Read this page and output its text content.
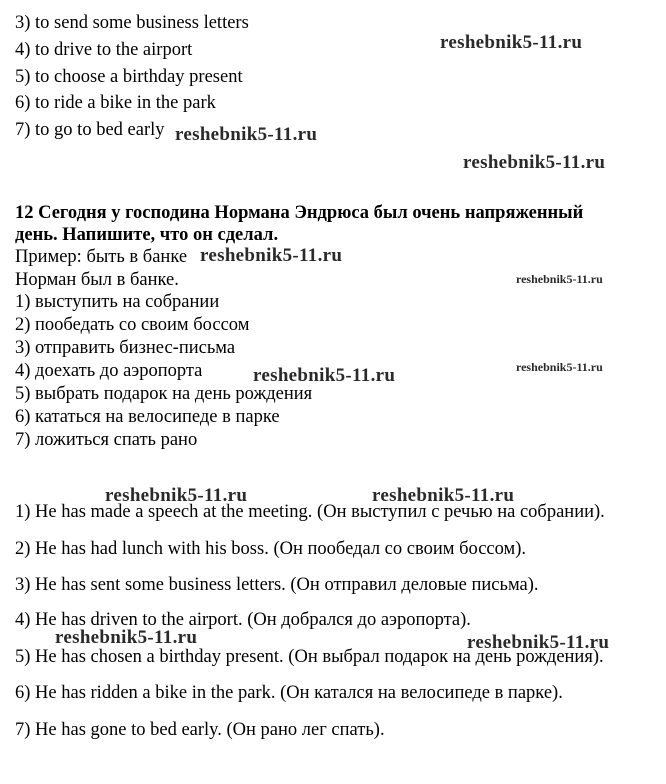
3) to send some business letters
4) to drive to the airport
5) to choose a birthday present
6) to ride a bike in the park
7) to go to bed early
12 Сегодня у господина Нормана Эндрюса был очень напряженный
день. Напишите, что он сделал.
Пример: быть в банке
Норман был в банке.
1) выступить на собрании
2) пообедать со своим боссом
3) отправить бизнес-письма
4) доехать до аэропорта
5) выбрать подарок на день рождения
6) кататься на велосипеде в парке
7) ложиться спать рано
1) He has made a speech at the meeting. (Он выступил с речью на собрании).
2) He has had lunch with his boss. (Он пообедал со своим боссом).
3) He has sent some business letters. (Он отправил деловые письма).
4) He has driven to the airport. (Он добрался до аэропорта).
5) He has chosen a birthday present. (Он выбрал подарок на день рождения).
6) He has ridden a bike in the park. (Он катался на велосипеде в парке).
7) He has gone to bed early. (Он рано лег спать).
reshebnik5-11.ru
reshebnik5-11.ru
reshebnik5-11.ru
reshebnik5-11.ru
reshebnik5-11.ru
reshebnik5-11.ru	reshebnik5-11.ru
reshebnik5-11.ru	reshebnik5-11.ru
reshebnik5-11.ru	reshebnik5-11.ru
